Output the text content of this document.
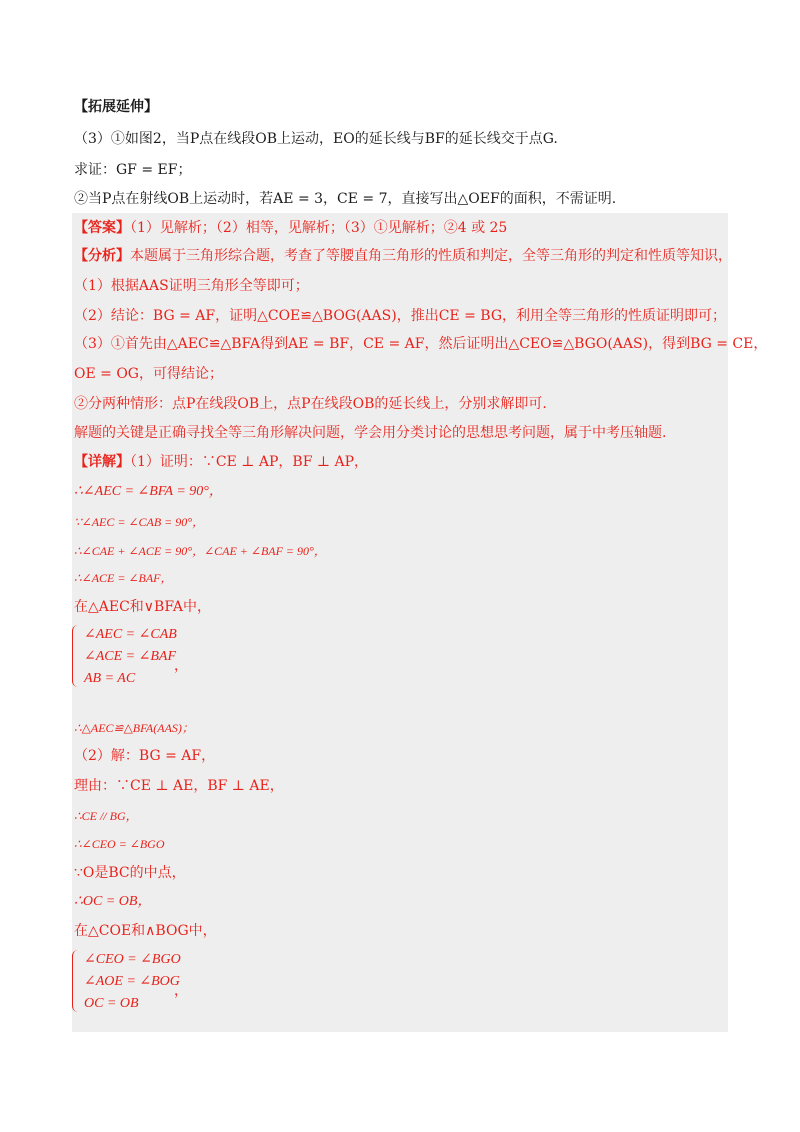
【拓展延伸】
（3）①如图2，当P点在线段OB上运动，EO的延长线与BF的延长线交于点G.
求证：GF = EF；
②当P点在射线OB上运动时，若AE = 3，CE = 7，直接写出△OEF的面积，不需证明.
【答案】（1）见解析；（2）相等，见解析；（3）①见解析；②4 或 25
【分析】本题属于三角形综合题，考查了等腰直角三角形的性质和判定，全等三角形的判定和性质等知识，
（1）根据AAS证明三角形全等即可；
（2）结论：BG = AF，证明△COE≌△BOG(AAS)，推出CE = BG，利用全等三角形的性质证明即可；
（3）①首先由△AEC≌△BFA得到AE = BF，CE = AF，然后证明出△CEO≌△BGO(AAS)，得到BG = CE，
OE = OG，可得结论；
②分两种情形：点P在线段OB上，点P在线段OB的延长线上，分别求解即可.
解题的关键是正确寻找全等三角形解决问题，学会用分类讨论的思想思考问题，属于中考压轴题.
【详解】（1）证明：∵CE ⊥ AP，BF ⊥ AP，
∴∠AEC = ∠BFA = 90°，
∵∠AEC = ∠CAB = 90°，
∴∠CAE + ∠ACE = 90°，∠CAE + ∠BAF = 90°，
∴∠ACE = ∠BAF，
在△AEC和∨BFA中，
∠AEC = ∠CAB
∠ACE = ∠BAF
AB = AC
，
∴△AEC≌△BFA(AAS)；
（2）解：BG = AF，
理由：∵CE ⊥ AE，BF ⊥ AE，
∴CE // BG，
∴∠CEO = ∠BGO
∵O是BC的中点，
∴OC = OB，
在△COE和∧BOG中，
∠CEO = ∠BGO
∠AOE = ∠BOG
OC = OB
，
